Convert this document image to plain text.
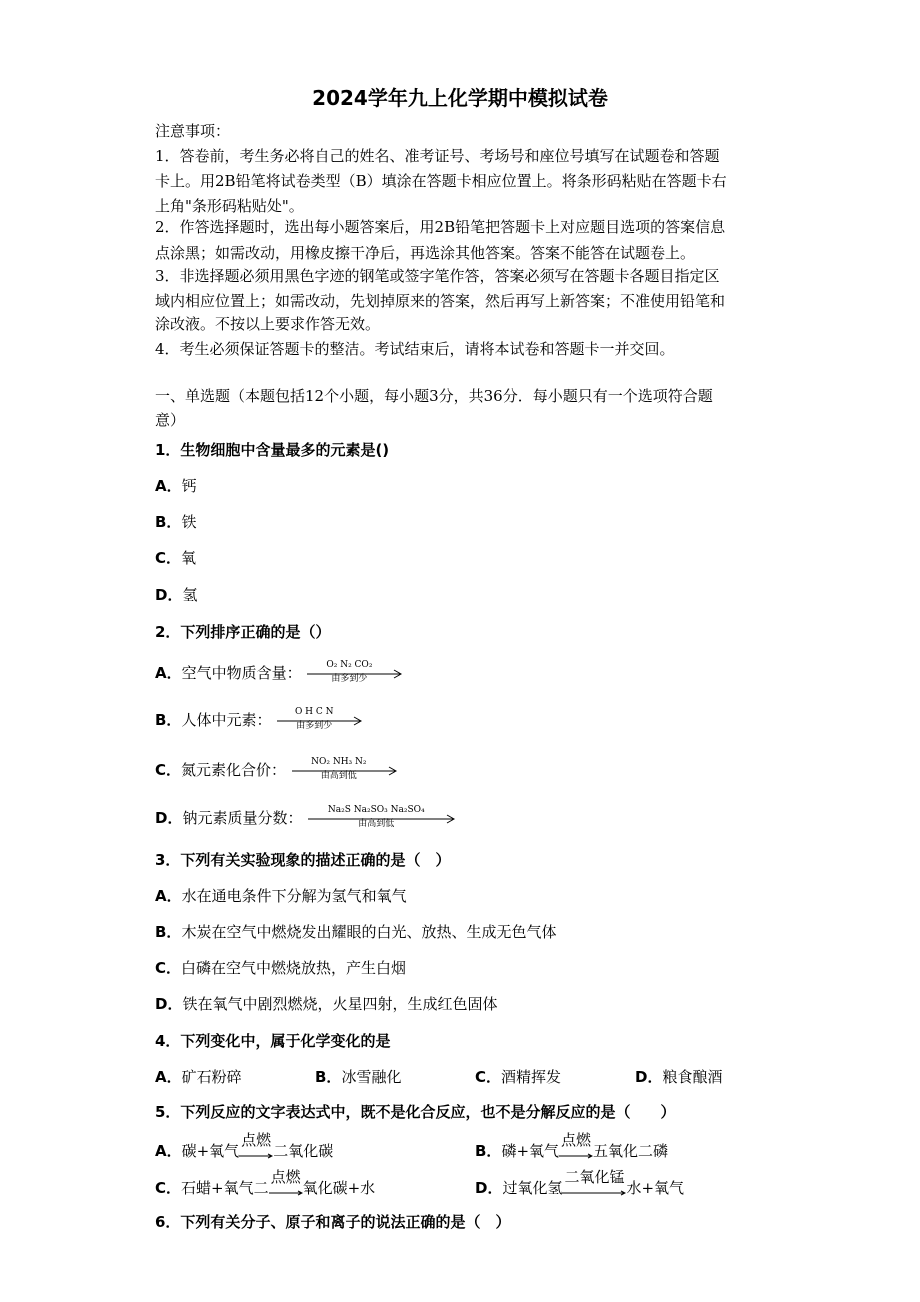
2024学年九上化学期中模拟试卷
注意事项：
1．答卷前，考生务必将自己的姓名、准考证号、考场号和座位号填写在试题卷和答题
卡上。用2B铅笔将试卷类型（B）填涂在答题卡相应位置上。将条形码粘贴在答题卡右
上角"条形码粘贴处"。
2．作答选择题时，选出每小题答案后，用2B铅笔把答题卡上对应题目选项的答案信息
点涂黑；如需改动，用橡皮擦干净后，再选涂其他答案。答案不能答在试题卷上。
3．非选择题必须用黑色字迹的钢笔或签字笔作答，答案必须写在答题卡各题目指定区
域内相应位置上；如需改动，先划掉原来的答案，然后再写上新答案；不准使用铅笔和
涂改液。不按以上要求作答无效。
4．考生必须保证答题卡的整洁。考试结束后，请将本试卷和答题卡一并交回。
一、单选题（本题包括12个小题，每小题3分，共36分．每小题只有一个选项符合题
意）
1．生物细胞中含量最多的元素是()
A．钙
B．铁
C．氧
D．氢
2．下列排序正确的是（）
A．空气中物质含量：	O₂ N₂ CO₂
由多到少
B．人体中元素：	O H C N
由多到少
C．氮元素化合价：	NO₂ NH₃ N₂
由高到低
D．钠元素质量分数：	Na₂S Na₂SO₃ Na₂SO₄
由高到低
3．下列有关实验现象的描述正确的是（　）
A．水在通电条件下分解为氢气和氧气
B．木炭在空气中燃烧发出耀眼的白光、放热、生成无色气体
C．白磷在空气中燃烧放热，产生白烟
D．铁在氧气中剧烈燃烧，火星四射，生成红色固体
4．下列变化中，属于化学变化的是
A．矿石粉碎	B．冰雪融化	C．酒精挥发	D．粮食酿酒
5．下列反应的文字表达式中，既不是化合反应，也不是分解反应的是（　　）
A．碳+氧气
点燃
二氧化碳	B．磷+氧气
点燃
五氧化二磷
C．石蜡+氧气二
点燃
氧化碳+水	D．过氧化氢
二氧化锰
水+氧气
6．下列有关分子、原子和离子的说法正确的是（　）
